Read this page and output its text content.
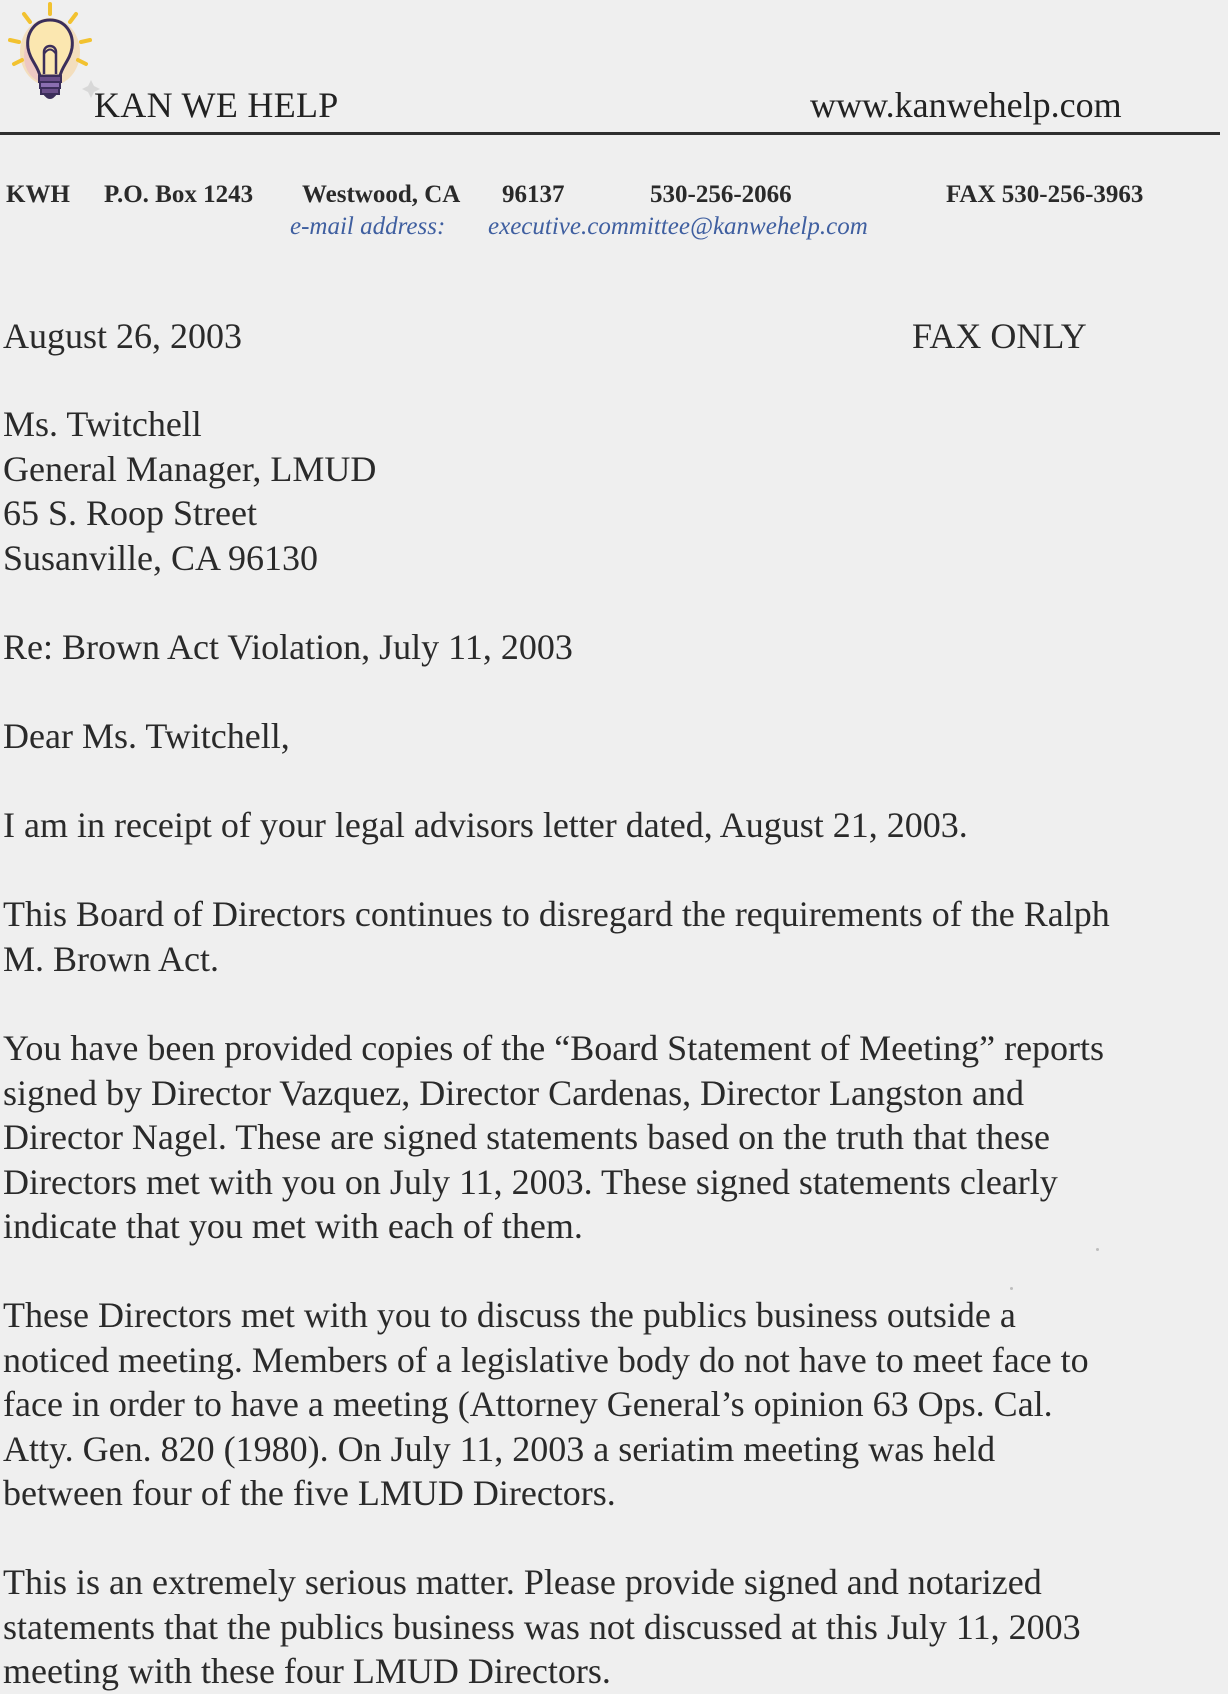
KAN WE HELP	www.kanwehelp.com
KWH P.O. Box 1243 Westwood, CA 96137	530-256-2066	FAX 530-256-3963
e-mail address: executive.committee@kanwehelp.com
August 26, 2003	FAX ONLY
Ms. Twitchell
General Manager, LMUD
65 S. Roop Street
Susanville, CA 96130
Re: Brown Act Violation, July 11, 2003
Dear Ms. Twitchell,
I am in receipt of your legal advisors letter dated, August 21, 2003.
This Board of Directors continues to disregard the requirements of the Ralph
M. Brown Act.
You have been provided copies of the “Board Statement of Meeting” reports
signed by Director Vazquez, Director Cardenas, Director Langston and
Director Nagel. These are signed statements based on the truth that these
Directors met with you on July 11, 2003. These signed statements clearly
indicate that you met with each of them.
These Directors met with you to discuss the publics business outside a
noticed meeting. Members of a legislative body do not have to meet face to
face in order to have a meeting (Attorney General’s opinion 63 Ops. Cal.
Atty. Gen. 820 (1980). On July 11, 2003 a seriatim meeting was held
between four of the five LMUD Directors.
This is an extremely serious matter. Please provide signed and notarized
statements that the publics business was not discussed at this July 11, 2003
meeting with these four LMUD Directors.
